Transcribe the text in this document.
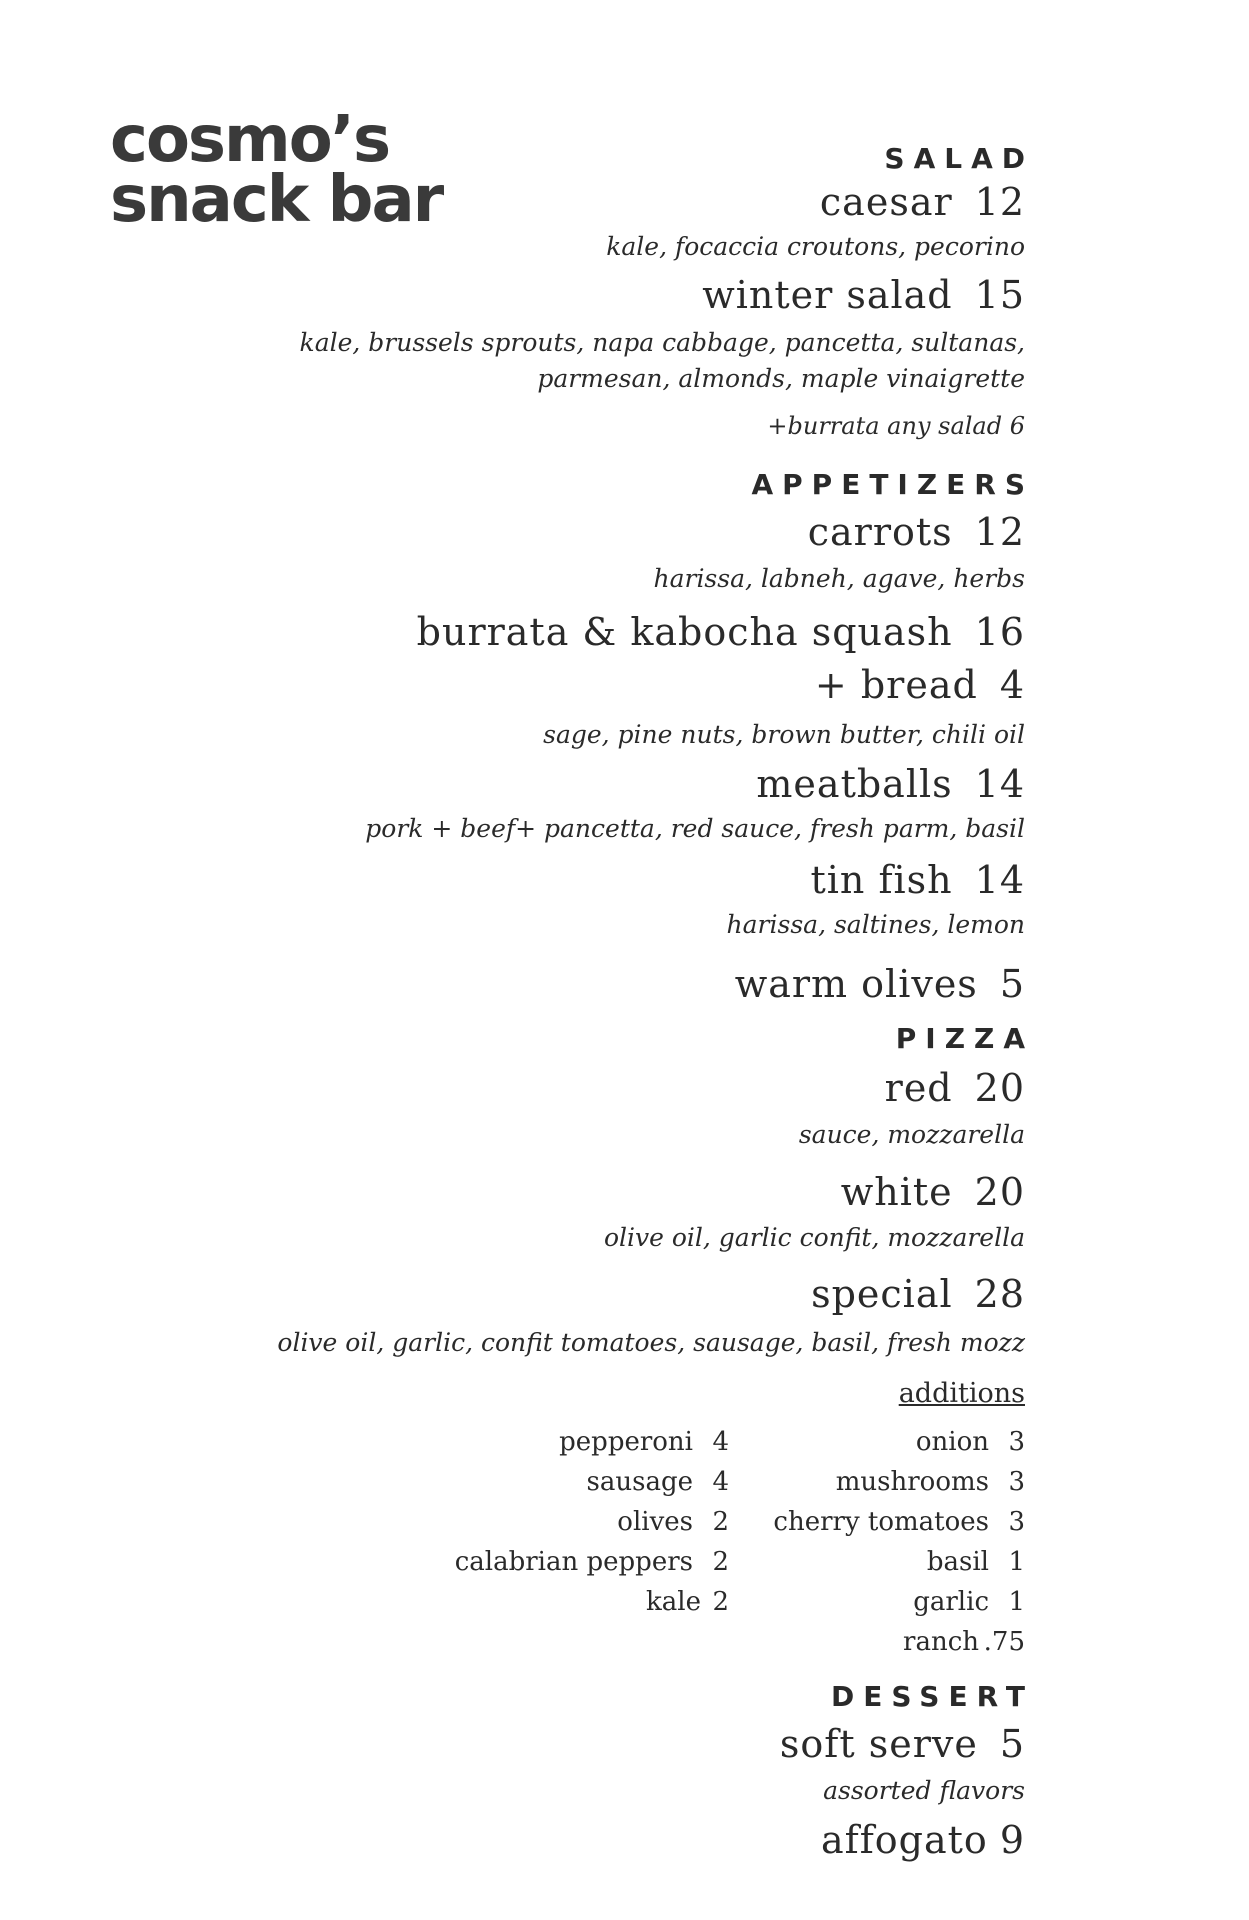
cosmo’s
snack bar
SALAD
caesar 12
kale, focaccia croutons, pecorino
winter salad 15
kale, brussels sprouts, napa cabbage, pancetta, sultanas,
parmesan, almonds, maple vinaigrette
+burrata any salad 6
APPETIZERS
carrots 12
harissa, labneh, agave, herbs
burrata & kabocha squash 16
+ bread 4
sage, pine nuts, brown butter, chili oil
meatballs 14
pork + beef+ pancetta, red sauce, fresh parm, basil
tin fish 14
harissa, saltines, lemon
warm olives 5
PIZZA
red 20
sauce, mozzarella
white 20
olive oil, garlic confit, mozzarella
special 28
olive oil, garlic, confit tomatoes, sausage, basil, fresh mozz
additions
pepperoni 4
sausage 4
olives 2
calabrian peppers 2
kale 2
onion 3
mushrooms 3
cherry tomatoes 3
basil 1
garlic 1
ranch .75
DESSERT
soft serve 5
assorted flavors
affogato 9
